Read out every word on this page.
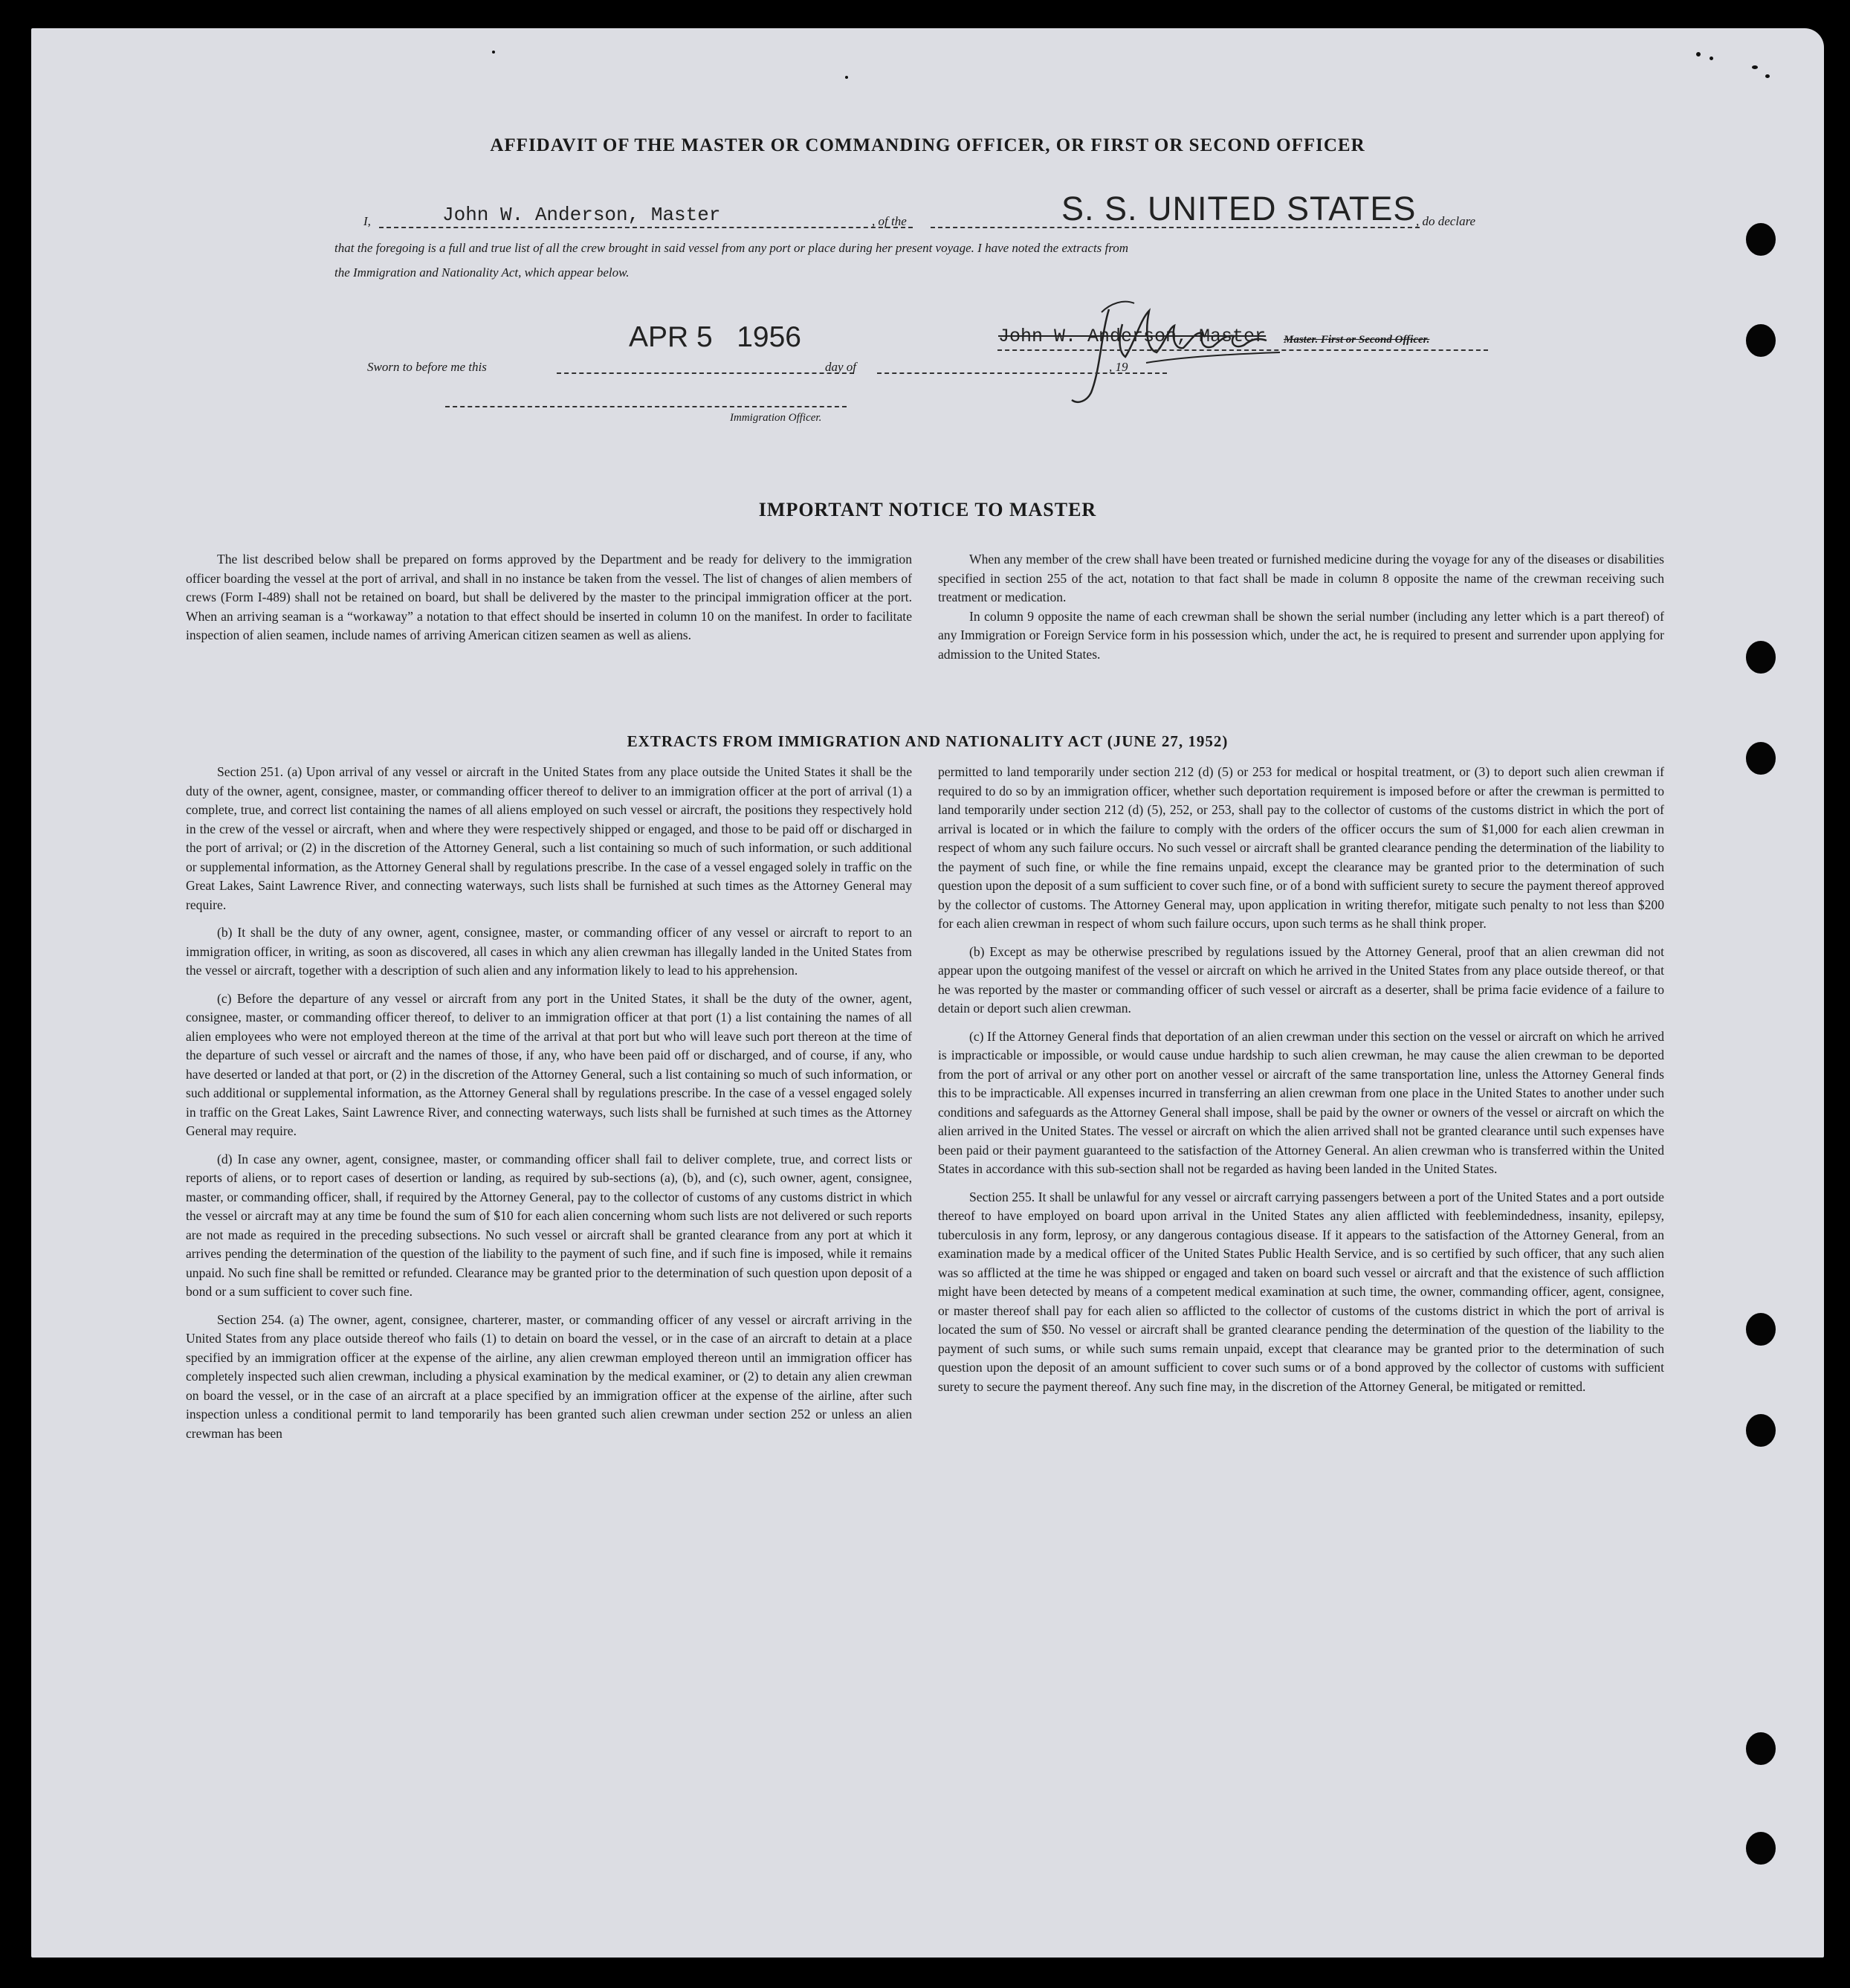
AFFIDAVIT OF THE MASTER OR COMMANDING OFFICER, OR FIRST OR SECOND OFFICER
I,	John W. Anderson, Master	, of the	S. S. UNITED STATES , do declare
that the foregoing is a full and true list of all the crew brought in said vessel from any port or place during her present voyage. I have noted the extracts from
the Immigration and Nationality Act, which appear below.
APR 5   1956	John W. Anderson, Master Master. First or Second Officer.
Sworn to before me this	day of	, 19
Immigration Officer.
IMPORTANT NOTICE TO MASTER

The list described below shall be prepared on forms approved by the Department and be ready for delivery to the immigration officer boarding the vessel at the port of arrival, and shall in no instance be taken from the vessel. The list of changes of alien members of crews (Form I-489) shall not be retained on board, but shall be delivered by the master to the principal immigration officer at the port. When an arriving seaman is a “workaway” a notation to that effect should be inserted in column 10 on the manifest. In order to facilitate inspection of alien seamen, include names of arriving American citizen seamen as well as aliens.

When any member of the crew shall have been treated or furnished medicine during the voyage for any of the diseases or disabilities specified in section 255 of the act, notation to that fact shall be made in column 8 opposite the name of the crewman receiving such treatment or medication.

In column 9 opposite the name of each crewman shall be shown the serial number (including any letter which is a part thereof) of any Immigration or Foreign Service form in his possession which, under the act, he is required to present and surrender upon applying for admission to the United States.

EXTRACTS FROM IMMIGRATION AND NATIONALITY ACT (JUNE 27, 1952)

Section 251. (a) Upon arrival of any vessel or aircraft in the United States from any place outside the United States it shall be the duty of the owner, agent, consignee, master, or commanding officer thereof to deliver to an immigration officer at the port of arrival (1) a complete, true, and correct list containing the names of all aliens employed on such vessel or aircraft, the positions they respectively hold in the crew of the vessel or aircraft, when and where they were respectively shipped or engaged, and those to be paid off or discharged in the port of arrival; or (2) in the discretion of the Attorney General, such a list containing so much of such information, or such additional or supplemental information, as the Attorney General shall by regulations prescribe. In the case of a vessel engaged solely in traffic on the Great Lakes, Saint Lawrence River, and connecting waterways, such lists shall be furnished at such times as the Attorney General may require.

(b) It shall be the duty of any owner, agent, consignee, master, or commanding officer of any vessel or aircraft to report to an immigration officer, in writing, as soon as discovered, all cases in which any alien crewman has illegally landed in the United States from the vessel or aircraft, together with a description of such alien and any information likely to lead to his apprehension.

(c) Before the departure of any vessel or aircraft from any port in the United States, it shall be the duty of the owner, agent, consignee, master, or commanding officer thereof, to deliver to an immigration officer at that port (1) a list containing the names of all alien employees who were not employed thereon at the time of the arrival at that port but who will leave such port thereon at the time of the departure of such vessel or aircraft and the names of those, if any, who have been paid off or discharged, and of course, if any, who have deserted or landed at that port, or (2) in the discretion of the Attorney General, such a list containing so much of such information, or such additional or supplemental information, as the Attorney General shall by regulations prescribe. In the case of a vessel engaged solely in traffic on the Great Lakes, Saint Lawrence River, and connecting waterways, such lists shall be furnished at such times as the Attorney General may require.

(d) In case any owner, agent, consignee, master, or commanding officer shall fail to deliver complete, true, and correct lists or reports of aliens, or to report cases of desertion or landing, as required by sub-sections (a), (b), and (c), such owner, agent, consignee, master, or commanding officer, shall, if required by the Attorney General, pay to the collector of customs of any customs district in which the vessel or aircraft may at any time be found the sum of $10 for each alien concerning whom such lists are not delivered or such reports are not made as required in the preceding subsections. No such vessel or aircraft shall be granted clearance from any port at which it arrives pending the determination of the question of the liability to the payment of such fine, and if such fine is imposed, while it remains unpaid. No such fine shall be remitted or refunded. Clearance may be granted prior to the determination of such question upon deposit of a bond or a sum sufficient to cover such fine.

Section 254. (a) The owner, agent, consignee, charterer, master, or commanding officer of any vessel or aircraft arriving in the United States from any place outside thereof who fails (1) to detain on board the vessel, or in the case of an aircraft to detain at a place specified by an immigration officer at the expense of the airline, any alien crewman employed thereon until an immigration officer has completely inspected such alien crewman, including a physical examination by the medical examiner, or (2) to detain any alien crewman on board the vessel, or in the case of an aircraft at a place specified by an immigration officer at the expense of the airline, after such inspection unless a conditional permit to land temporarily has been granted such alien crewman under section 252 or unless an alien crewman has been

permitted to land temporarily under section 212 (d) (5) or 253 for medical or hospital treatment, or (3) to deport such alien crewman if required to do so by an immigration officer, whether such deportation requirement is imposed before or after the crewman is permitted to land temporarily under section 212 (d) (5), 252, or 253, shall pay to the collector of customs of the customs district in which the port of arrival is located or in which the failure to comply with the orders of the officer occurs the sum of $1,000 for each alien crewman in respect of whom any such failure occurs. No such vessel or aircraft shall be granted clearance pending the determination of the liability to the payment of such fine, or while the fine remains unpaid, except the clearance may be granted prior to the determination of such question upon the deposit of a sum sufficient to cover such fine, or of a bond with sufficient surety to secure the payment thereof approved by the collector of customs. The Attorney General may, upon application in writing therefor, mitigate such penalty to not less than $200 for each alien crewman in respect of whom such failure occurs, upon such terms as he shall think proper.

(b) Except as may be otherwise prescribed by regulations issued by the Attorney General, proof that an alien crewman did not appear upon the outgoing manifest of the vessel or aircraft on which he arrived in the United States from any place outside thereof, or that he was reported by the master or commanding officer of such vessel or aircraft as a deserter, shall be prima facie evidence of a failure to detain or deport such alien crewman.

(c) If the Attorney General finds that deportation of an alien crewman under this section on the vessel or aircraft on which he arrived is impracticable or impossible, or would cause undue hardship to such alien crewman, he may cause the alien crewman to be deported from the port of arrival or any other port on another vessel or aircraft of the same transportation line, unless the Attorney General finds this to be impracticable. All expenses incurred in transferring an alien crewman from one place in the United States to another under such conditions and safeguards as the Attorney General shall impose, shall be paid by the owner or owners of the vessel or aircraft on which the alien arrived in the United States. The vessel or aircraft on which the alien arrived shall not be granted clearance until such expenses have been paid or their payment guaranteed to the satisfaction of the Attorney General. An alien crewman who is transferred within the United States in accordance with this sub-section shall not be regarded as having been landed in the United States.

Section 255. It shall be unlawful for any vessel or aircraft carrying passengers between a port of the United States and a port outside thereof to have employed on board upon arrival in the United States any alien afflicted with feeblemindedness, insanity, epilepsy, tuberculosis in any form, leprosy, or any dangerous contagious disease. If it appears to the satisfaction of the Attorney General, from an examination made by a medical officer of the United States Public Health Service, and is so certified by such officer, that any such alien was so afflicted at the time he was shipped or engaged and taken on board such vessel or aircraft and that the existence of such affliction might have been detected by means of a competent medical examination at such time, the owner, commanding officer, agent, consignee, or master thereof shall pay for each alien so afflicted to the collector of customs of the customs district in which the port of arrival is located the sum of $50. No vessel or aircraft shall be granted clearance pending the determination of the question of the liability to the payment of such sums, or while such sums remain unpaid, except that clearance may be granted prior to the determination of such question upon the deposit of an amount sufficient to cover such sums or of a bond approved by the collector of customs with sufficient surety to secure the payment thereof. Any such fine may, in the discretion of the Attorney General, be mitigated or remitted.
